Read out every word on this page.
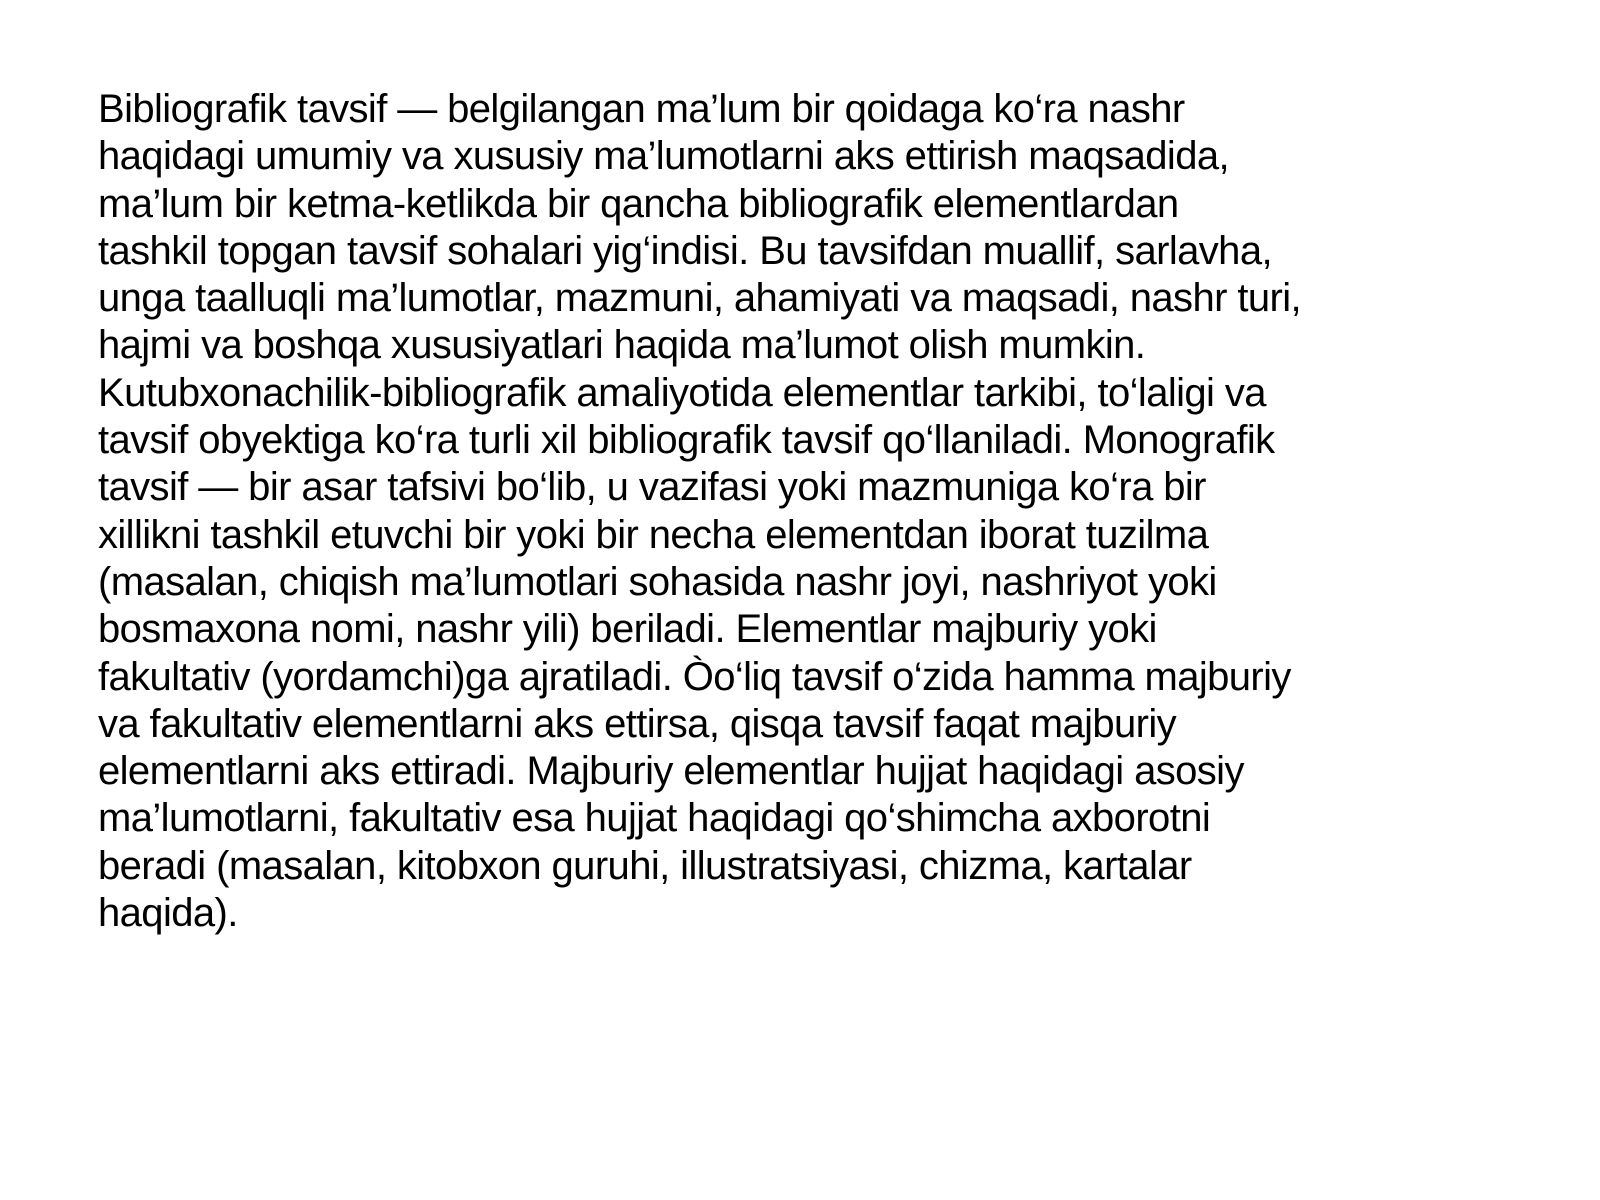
Bibliografik tavsif — belgilangan ma’lum bir qoidaga ko‘ra nashr
haqidagi umumiy va xususiy ma’lumotlarni aks ettirish maqsadida,
ma’lum bir ketma-ketlikda bir qancha bibliografik elementlardan
tashkil topgan tavsif sohalari yig‘indisi. Bu tavsifdan muallif, sarlavha,
unga taalluqli ma’lumotlar, mazmuni, ahamiyati va maqsadi, nashr turi,
hajmi va boshqa xususiyatlari haqida ma’lumot olish mumkin.
Kutubxonachilik-bibliografik amaliyotida elementlar tarkibi, to‘laligi va
tavsif obyektiga ko‘ra turli xil bibliografik tavsif qo‘llaniladi. Monografik
tavsif — bir asar tafsivi bo‘lib, u vazifasi yoki mazmuniga ko‘ra bir
xillikni tashkil etuvchi bir yoki bir necha elementdan iborat tuzilma
(masalan, chiqish ma’lumotlari sohasida nashr joyi, nashriyot yoki
bosmaxona nomi, nashr yili) beriladi. Elementlar majburiy yoki
fakultativ (yordamchi)ga ajratiladi. Òo‘liq tavsif o‘zida hamma majburiy
va fakultativ elementlarni aks ettirsa, qisqa tavsif faqat majburiy
elementlarni aks ettiradi. Majburiy elementlar hujjat haqidagi asosiy
ma’lumotlarni, fakultativ esa hujjat haqidagi qo‘shimcha axborotni
beradi (masalan, kitobxon guruhi, illustratsiyasi, chizma, kartalar
haqida).
